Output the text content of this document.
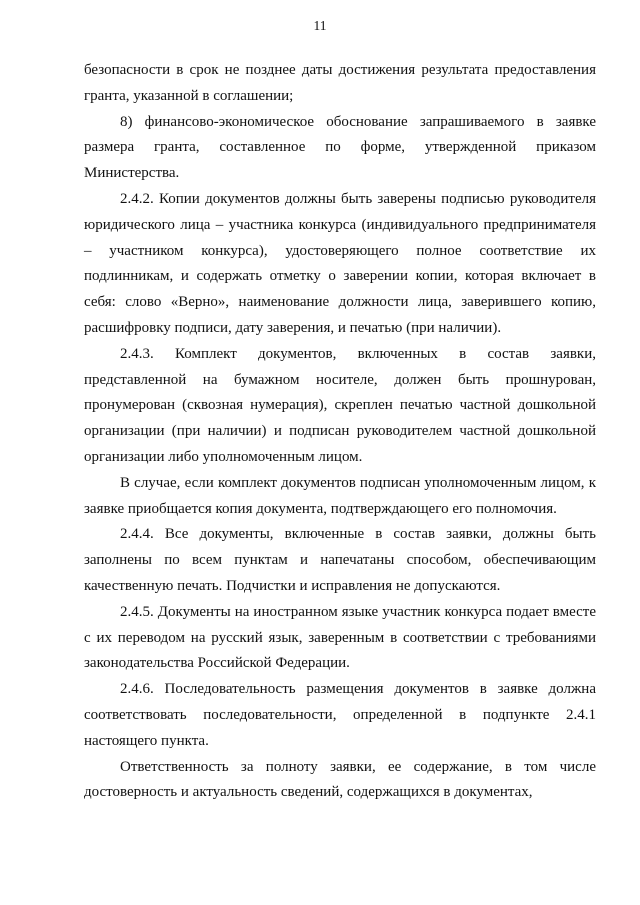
11

безопасности в срок не позднее даты достижения результата предоставления гранта, указанной в соглашении;

8) финансово-экономическое обоснование запрашиваемого в заявке размера гранта, составленное по форме, утвержденной приказом Министерства.

2.4.2. Копии документов должны быть заверены подписью руководителя юридического лица – участника конкурса (индивидуального предпринимателя – участником конкурса), удостоверяющего полное соответствие их подлинникам, и содержать отметку о заверении копии, которая включает в себя: слово «Верно», наименование должности лица, заверившего копию, расшифровку подписи, дату заверения, и печатью (при наличии).

2.4.3. Комплект документов, включенных в состав заявки, представленной на бумажном носителе, должен быть прошнурован, пронумерован (сквозная нумерация), скреплен печатью частной дошкольной организации (при наличии) и подписан руководителем частной дошкольной организации либо уполномоченным лицом.

В случае, если комплект документов подписан уполномоченным лицом, к заявке приобщается копия документа, подтверждающего его полномочия.

2.4.4. Все документы, включенные в состав заявки, должны быть заполнены по всем пунктам и напечатаны способом, обеспечивающим качественную печать. Подчистки и исправления не допускаются.

2.4.5. Документы на иностранном языке участник конкурса подает вместе с их переводом на русский язык, заверенным в соответствии с требованиями законодательства Российской Федерации.

2.4.6. Последовательность размещения документов в заявке должна соответствовать последовательности, определенной в подпункте 2.4.1 настоящего пункта.

Ответственность за полноту заявки, ее содержание, в том числе достоверность и актуальность сведений, содержащихся в документах,
